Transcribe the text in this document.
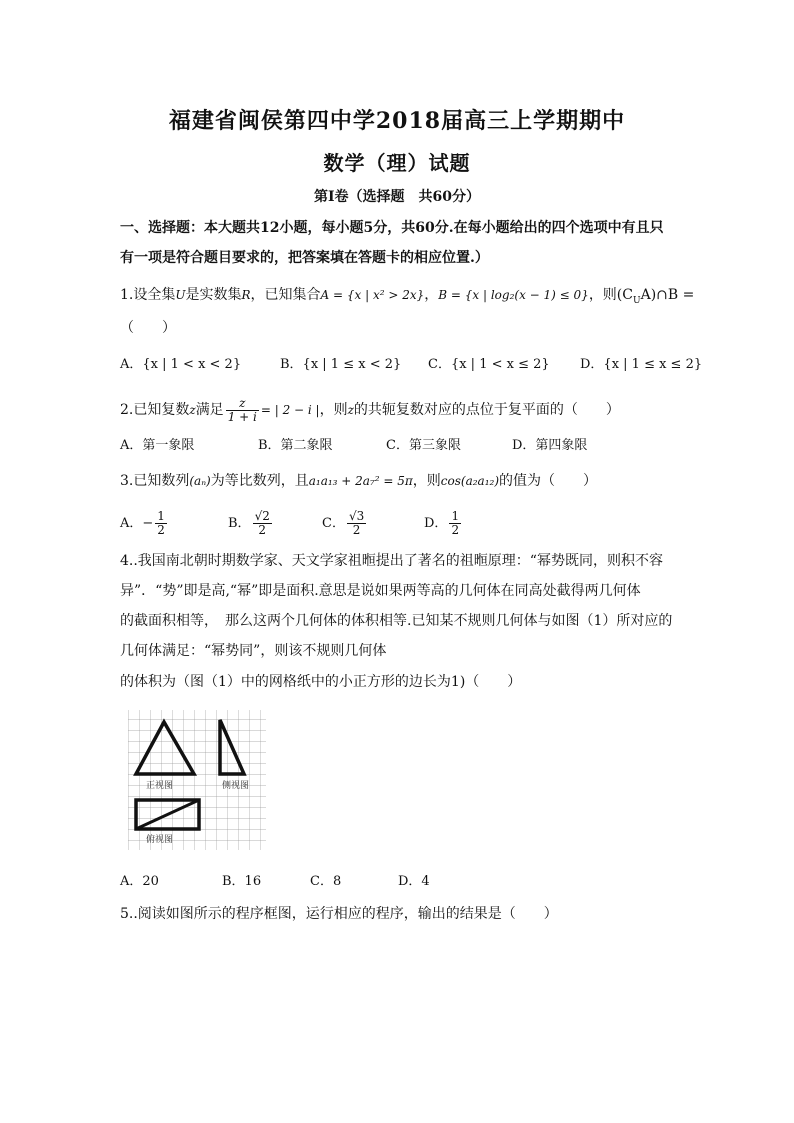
福建省闽侯第四中学2018届高三上学期期中
数学（理）试题
第Ⅰ卷（选择题　共60分）
一、选择题：本大题共12小题，每小题5分，共60分.在每小题给出的四个选项中有且只
有一项是符合题目要求的，把答案填在答题卡的相应位置.）
1.设全集U是实数集R，已知集合A = {x | x² > 2x}，B = {x | log₂(x − 1) ≤ 0}，则$(C_UA)\cap B$ =
（　　）
A．{x | 1 < x < 2}	B．{x | 1 ≤ x < 2} C．{x | 1 < x ≤ 2} D．{x | 1 ≤ x ≤ 2}
2.已知复数z满足 $\frac{z}{1 + i}$ = | 2 − i |，则z的共轭复数对应的点位于复平面的（　　）
A．第一象限	B．第二象限	C．第三象限	D．第四象限
3.已知数列(aₙ)为等比数列，且a₁a₁₃ + 2a₇² = 5π，则cos(a₂a₁₂)的值为（　　）
A．− $\frac{1}{2}$	B． $\frac{√2}{2}$	C． $\frac{√3}{2}$	D． $\frac{1}{2}$
4..我国南北朝时期数学家、天文学家祖暅提出了著名的祖暅原理：“幂势既同，则积不容
异”．“势”即是高,“幂”即是面积.意思是说如果两等高的几何体在同高处截得两几何体
的截面积相等，　那么这两个几何体的体积相等.已知某不规则几何体与如图（1）所对应的
几何体满足：“幂势同”，则该不规则几何体
的体积为（图（1）中的网格纸中的小正方形的边长为1)（　　）
正视图	侧视图
俯视图
A．20	B．16	C．8	D．4
5..阅读如图所示的程序框图，运行相应的程序，输出的结果是（　　）
